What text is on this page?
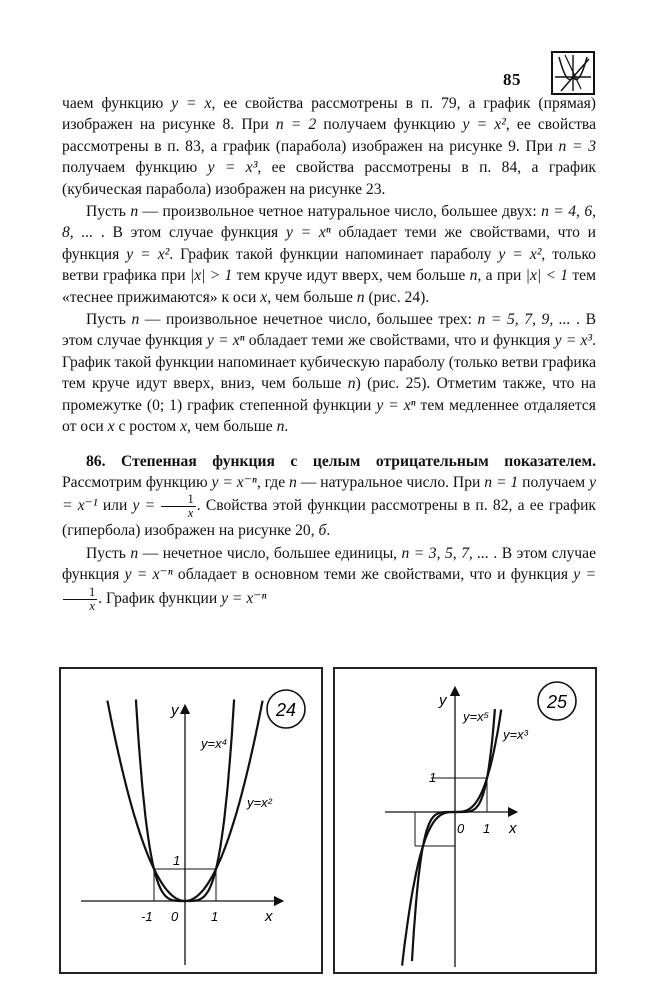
85

чаем функцию y = x, ее свойства рассмотрены в п. 79, а график (прямая) изображен на рисунке 8. При n = 2 получаем функцию y = x², ее свойства рассмотрены в п. 83, а график (парабола) изображен на рисунке 9. При n = 3 получаем функцию y = x³, ее свойства рассмотрены в п. 84, а график (кубическая парабола) изображен на рисунке 23.

Пусть n — произвольное четное натуральное число, большее двух: n = 4, 6, 8, ... . В этом случае функция y = xⁿ обладает теми же свойствами, что и функция y = x². График такой функции напоминает параболу y = x², только ветви графика при |x| > 1 тем круче идут вверх, чем больше n, а при |x| < 1 тем «теснее прижимаются» к оси x, чем больше n (рис. 24).

Пусть n — произвольное нечетное число, большее трех: n = 5, 7, 9, ... . В этом случае функция y = xⁿ обладает теми же свойствами, что и функция y = x³. График такой функции напоминает кубическую параболу (только ветви графика тем круче идут вверх, вниз, чем больше n) (рис. 25). Отметим также, что на промежутке (0; 1) график степенной функции y = xⁿ тем медленнее отдаляется от оси x с ростом x, чем больше n.

86. Степенная функция с целым отрицательным показателем. Рассмотрим функцию y = x⁻ⁿ, где n — натуральное число. При n = 1 получаем y = x⁻¹ или $y = \frac{1}{x}$ . Свойства этой функции рассмотрены в п. 82, а ее график (гипербола) изображен на рисунке 20, б.

Пусть n — нечетное число, большее единицы, n = 3, 5, 7, ... . В этом случае функция y = x⁻ⁿ обладает в основном теми же свойствами, что и функция y =
$\frac{1}{x}$ . График функции y = x⁻ⁿ

24
y
x
y=x⁴
y=x²
1
-1 0	1
25
y
x
y=x⁵
y=x³
1
0 1
